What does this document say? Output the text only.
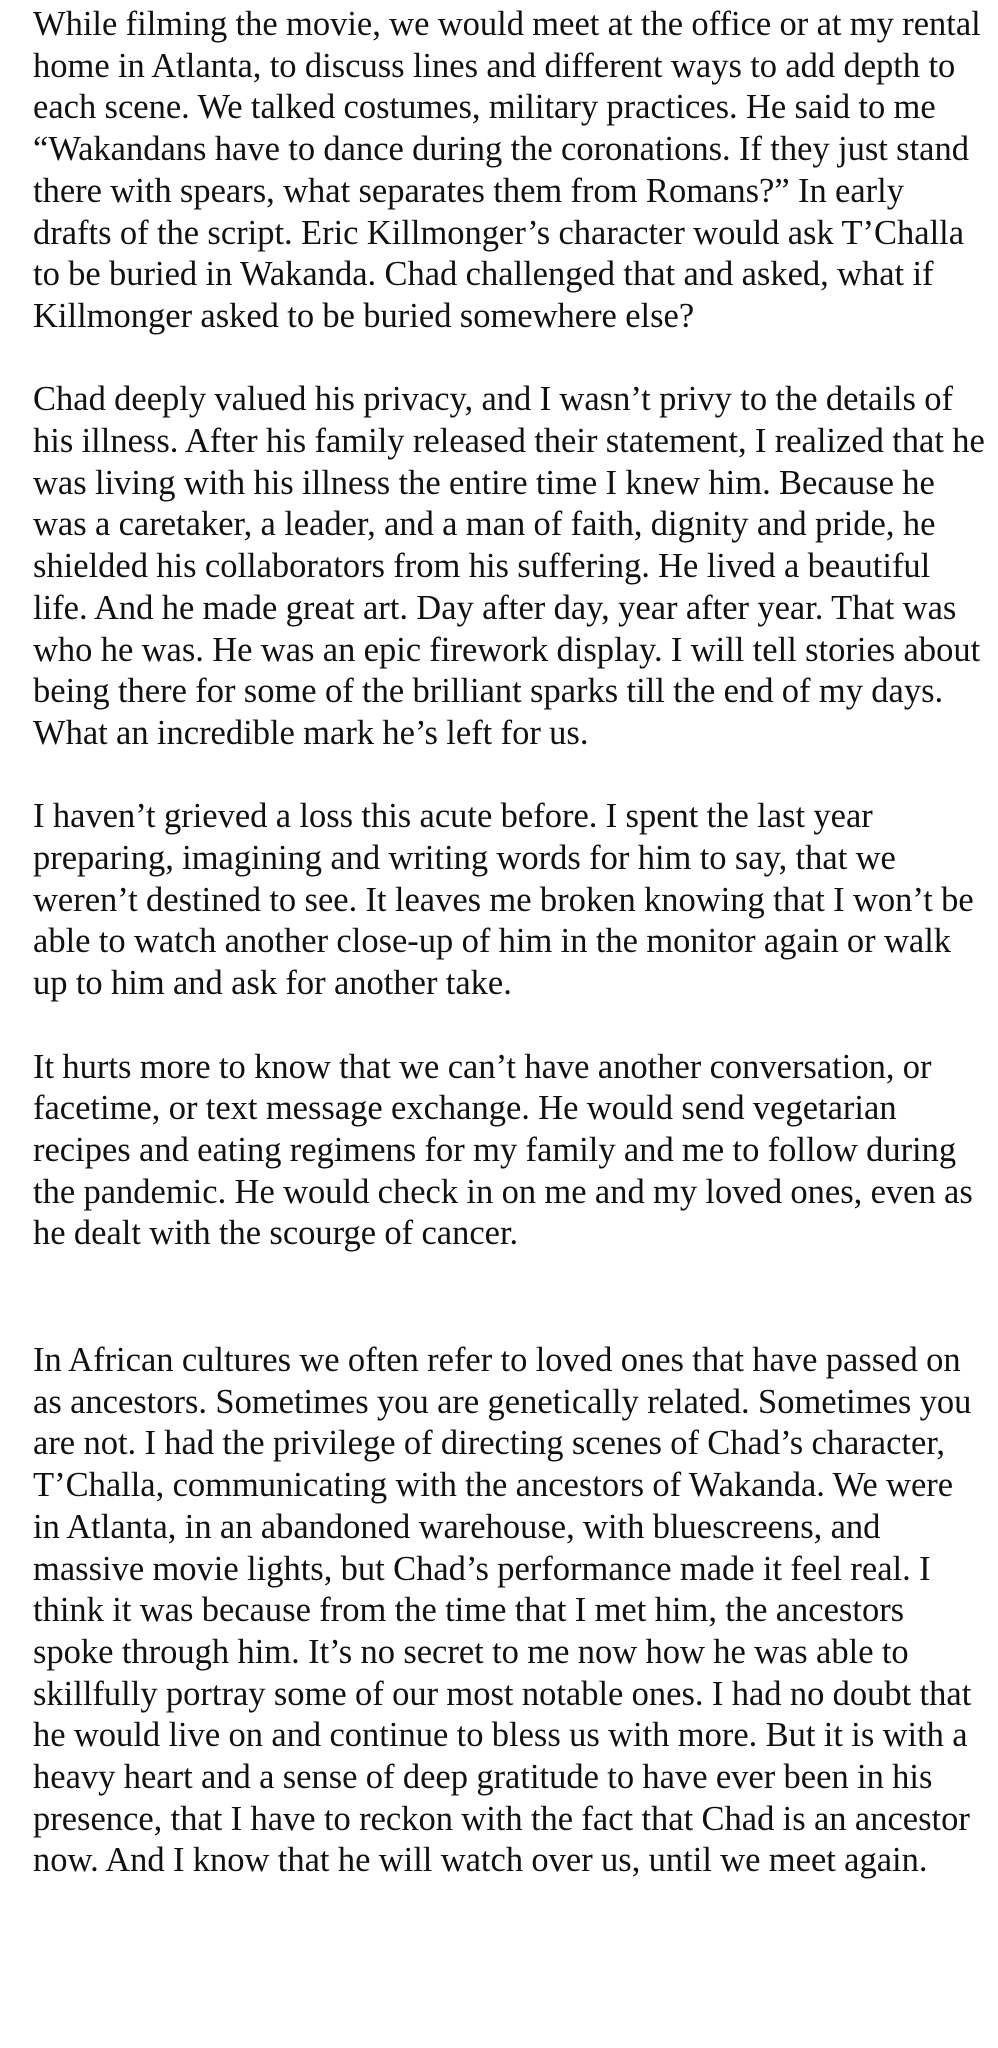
While filming the movie, we would meet at the office or at my rental home in Atlanta, to discuss lines and different ways to add depth to each scene. We talked costumes, military practices. He said to me “Wakandans have to dance during the coronations. If they just stand there with spears, what separates them from Romans?” In early drafts of the script. Eric Killmonger’s character would ask T’Challa to be buried in Wakanda. Chad challenged that and asked, what if Killmonger asked to be buried somewhere else?

Chad deeply valued his privacy, and I wasn’t privy to the details of his illness. After his family released their statement, I realized that he was living with his illness the entire time I knew him. Because he was a caretaker, a leader, and a man of faith, dignity and pride, he shielded his collaborators from his suffering. He lived a beautiful life. And he made great art. Day after day, year after year. That was who he was. He was an epic firework display. I will tell stories about being there for some of the brilliant sparks till the end of my days. What an incredible mark he’s left for us.

I haven’t grieved a loss this acute before. I spent the last year preparing, imagining and writing words for him to say, that we weren’t destined to see. It leaves me broken knowing that I won’t be able to watch another close-up of him in the monitor again or walk up to him and ask for another take.

It hurts more to know that we can’t have another conversation, or facetime, or text message exchange. He would send vegetarian recipes and eating regimens for my family and me to follow during the pandemic. He would check in on me and my loved ones, even as he dealt with the scourge of cancer.

In African cultures we often refer to loved ones that have passed on as ancestors. Sometimes you are genetically related. Sometimes you are not. I had the privilege of directing scenes of Chad’s character, T’Challa, communicating with the ancestors of Wakanda. We were in Atlanta, in an abandoned warehouse, with bluescreens, and massive movie lights, but Chad’s performance made it feel real. I think it was because from the time that I met him, the ancestors spoke through him. It’s no secret to me now how he was able to skillfully portray some of our most notable ones. I had no doubt that he would live on and continue to bless us with more. But it is with a heavy heart and a sense of deep gratitude to have ever been in his presence, that I have to reckon with the fact that Chad is an ancestor now. And I know that he will watch over us, until we meet again.
